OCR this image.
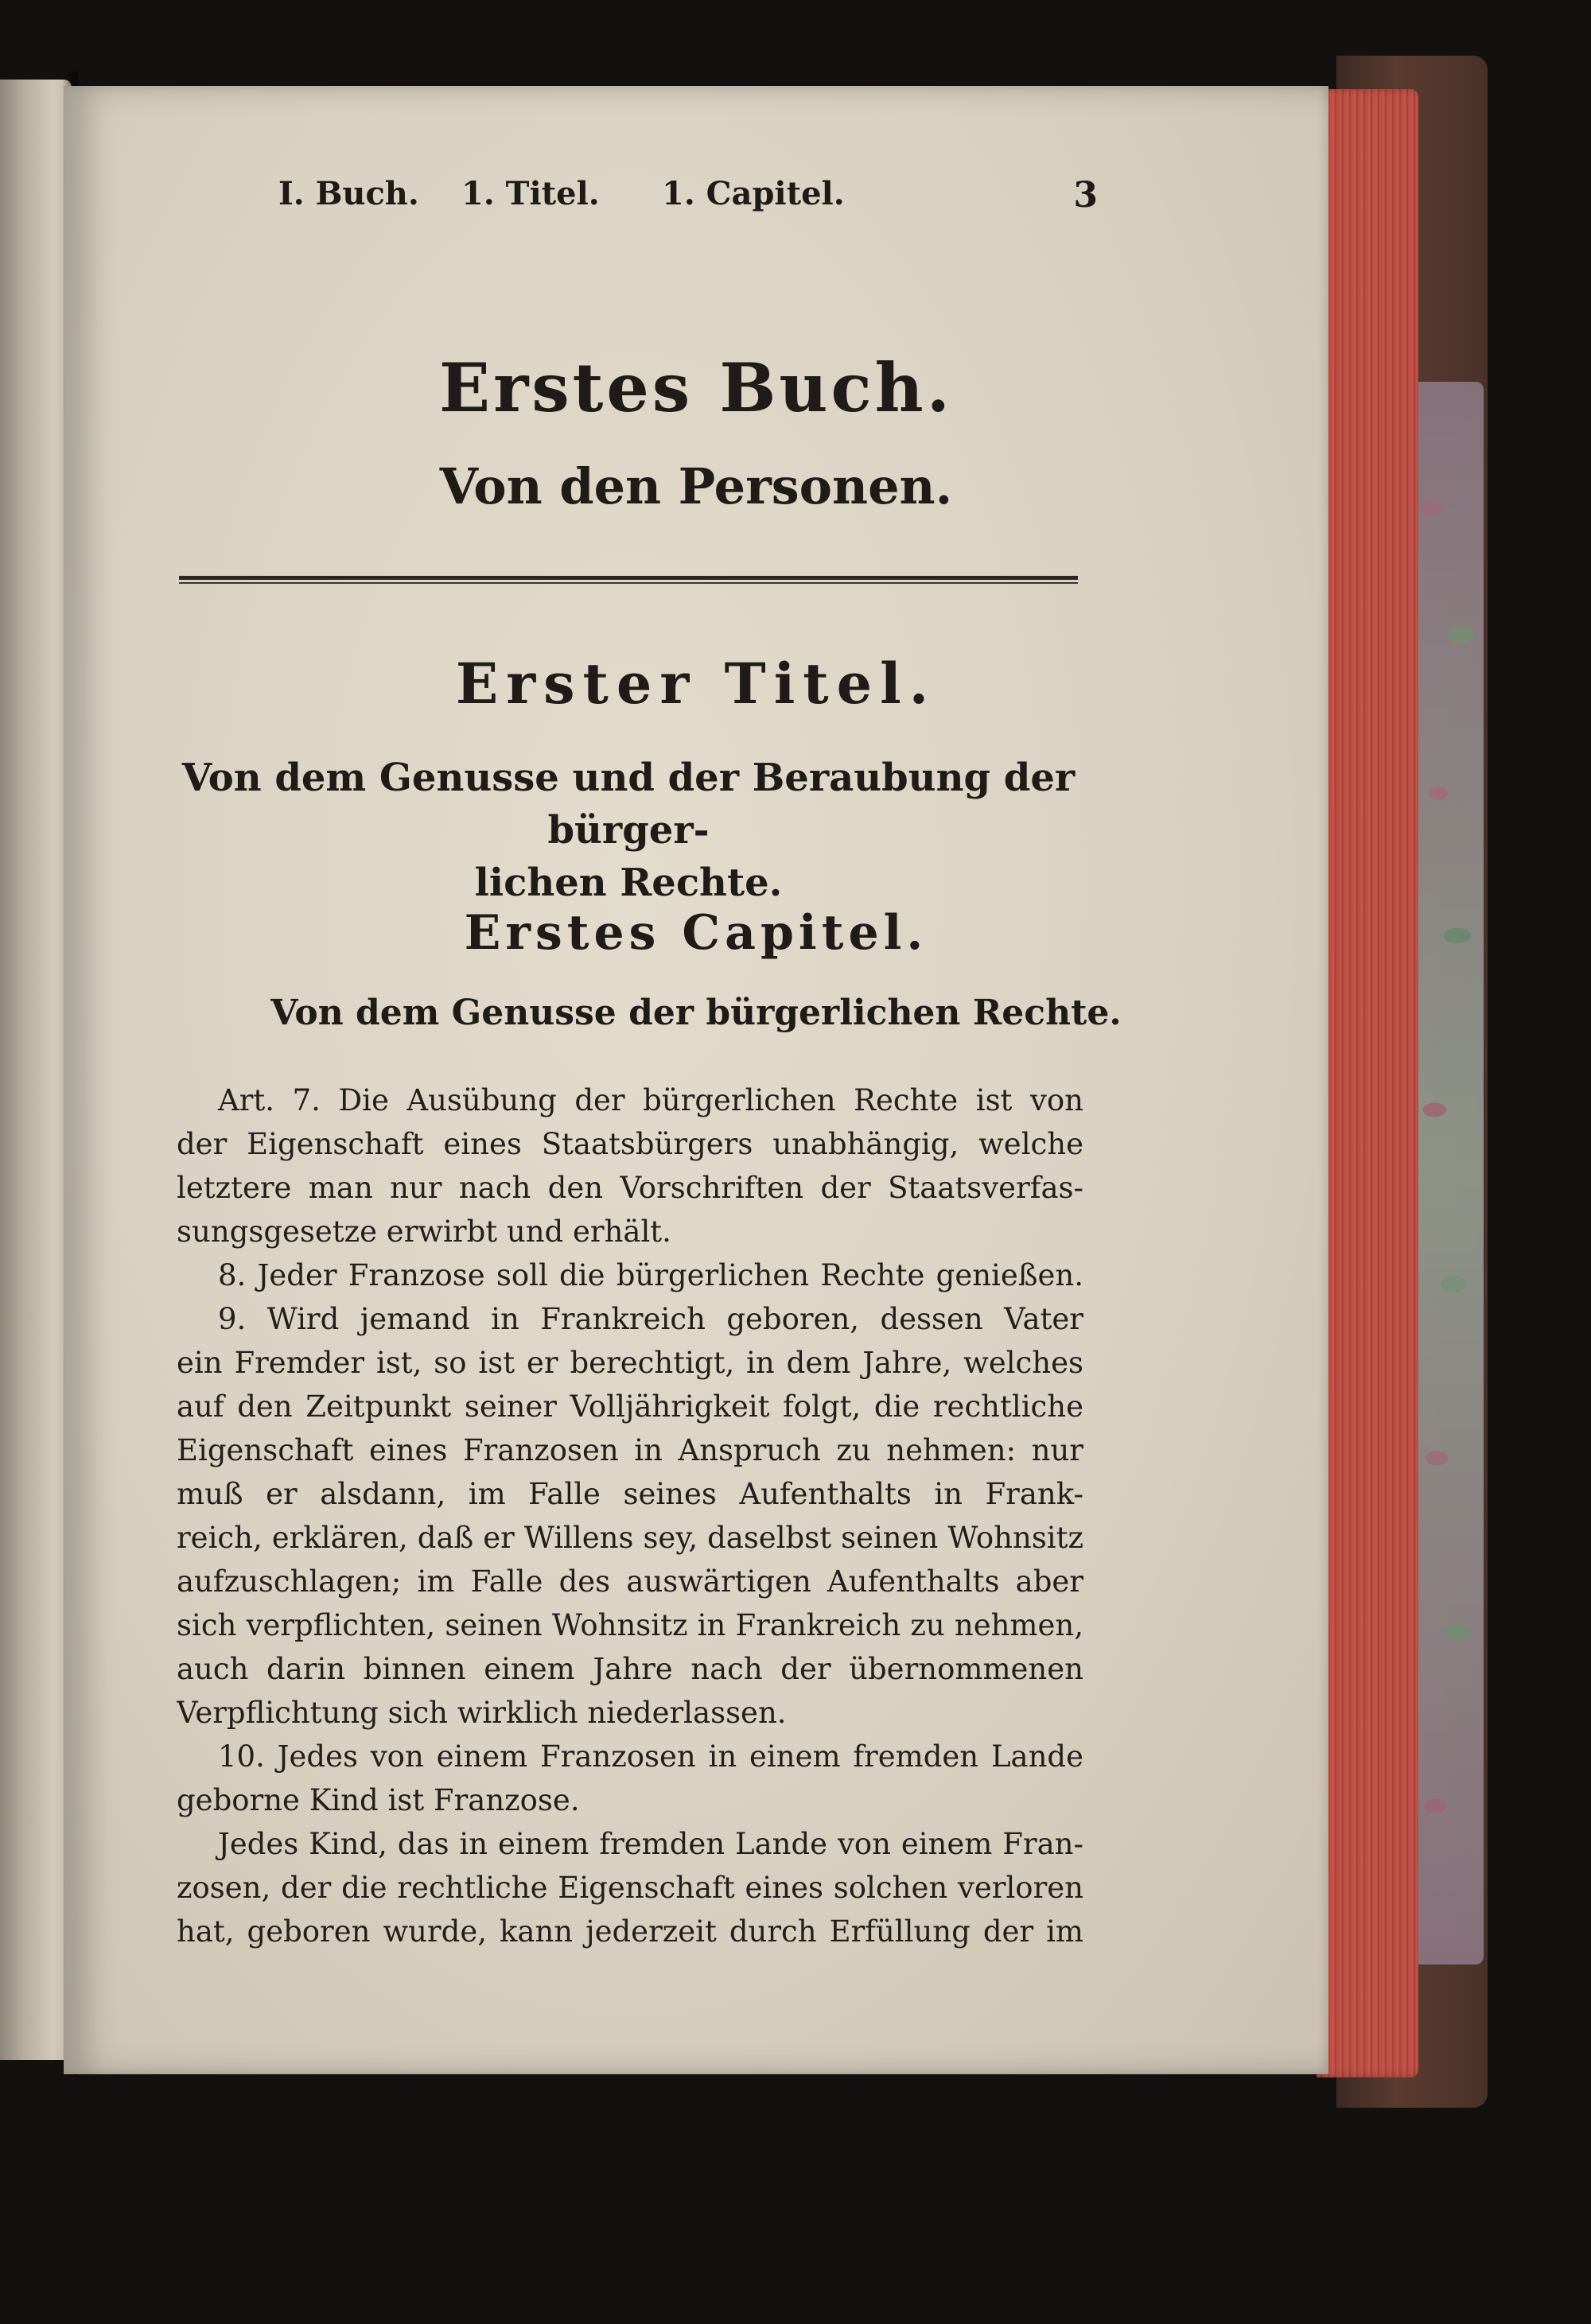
I. Buch. 1. Titel. 1. Capitel.	3
Erstes Buch.
Von den Personen.
Erster Titel.
Von dem Genusse und der Beraubung der bürger-
lichen Rechte.
Erstes Capitel.
Von dem Genusse der bürgerlichen Rechte.
Art. 7. Die Ausübung der bürgerlichen Rechte ist von
der Eigenschaft eines Staatsbürgers unabhängig, welche
letztere man nur nach den Vorschriften der Staatsverfas-
sungsgesetze erwirbt und erhält.
8. Jeder Franzose soll die bürgerlichen Rechte genießen.
9. Wird jemand in Frankreich geboren, dessen Vater
ein Fremder ist, so ist er berechtigt, in dem Jahre, welches
auf den Zeitpunkt seiner Volljährigkeit folgt, die rechtliche
Eigenschaft eines Franzosen in Anspruch zu nehmen: nur
muß er alsdann, im Falle seines Aufenthalts in Frank-
reich, erklären, daß er Willens sey, daselbst seinen Wohnsitz
aufzuschlagen; im Falle des auswärtigen Aufenthalts aber
sich verpflichten, seinen Wohnsitz in Frankreich zu nehmen,
auch darin binnen einem Jahre nach der übernommenen
Verpflichtung sich wirklich niederlassen.
10. Jedes von einem Franzosen in einem fremden Lande
geborne Kind ist Franzose.
Jedes Kind, das in einem fremden Lande von einem Fran-
zosen, der die rechtliche Eigenschaft eines solchen verloren
hat, geboren wurde, kann jederzeit durch Erfüllung der im
